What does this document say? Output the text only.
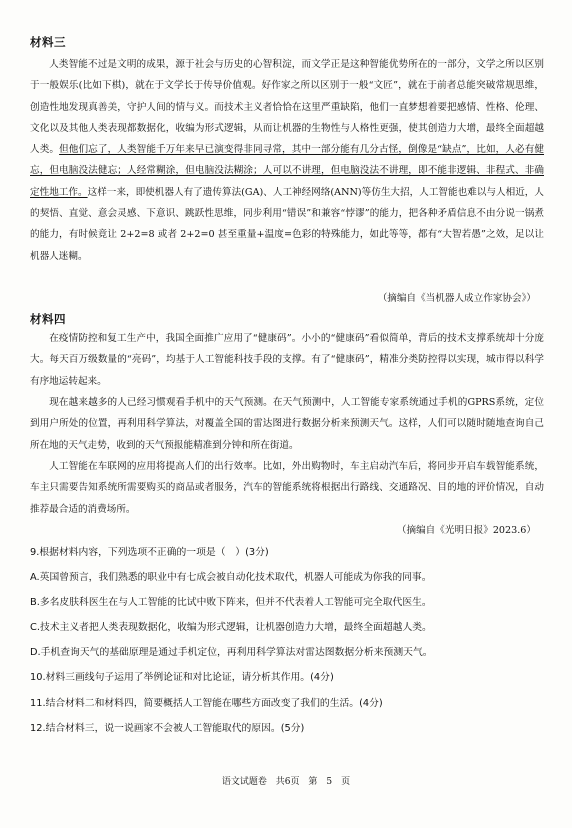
材料三
人类智能不过是文明的成果，源于社会与历史的心智积淀，而文学正是这种智能优势所在的一部分，文学之所以区别于一般娱乐(比如下棋)，就在于文学长于传导价值观。好作家之所以区别于一般“文匠”，就在于前者总能突破常规思维，创造性地发现真善美，守护人间的情与义。而技术主义者恰恰在这里严重缺陷，他们一直梦想着要把感情、性格、伦理、文化以及其他人类表现都数据化，收编为形式逻辑，从而让机器的生物性与人格性更强，使其创造力大增，最终全面超越人类。但他们忘了，人类智能千万年来早已演变得非同寻常，其中一部分能有几分古怪，倒像是“缺点”，比如，人必有健忘，但电脑没法健忘；人经常糊涂，但电脑没法糊涂；人可以不讲理，但电脑没法不讲理，即不能非逻辑、非程式、非确定性地工作。这样一来，即使机器人有了遗传算法(GA)、人工神经网络(ANN)等仿生大招，人工智能也难以与人相近，人的契悟、直觉、意会灵感、下意识、跳跃性思维，同步利用“错误”和兼容“悖谬”的能力，把各种矛盾信息不由分说一锅煮的能力，有时候竟让 2+2=8 或者 2+2=0 甚至重量+温度=色彩的特殊能力，如此等等，都有“大智若愚”之效，足以让机器人迷糊。
（摘编自《当机器人成立作家协会》）
材料四
在疫情防控和复工生产中，我国全面推广应用了“健康码”。小小的“健康码”看似简单，背后的技术支撑系统却十分庞大。每天百万级数量的“亮码”，均基于人工智能科技手段的支撑。有了“健康码”，精准分类防控得以实现，城市得以科学有序地运转起来。
现在越来越多的人已经习惯观看手机中的天气预测。在天气预测中，人工智能专家系统通过手机的GPRS系统，定位到用户所处的位置，再利用科学算法，对覆盖全国的雷达图进行数据分析来预测天气。这样，人们可以随时随地查询自己所在地的天气走势，收到的天气预报能精准到分钟和所在街道。
人工智能在车联网的应用将提高人们的出行效率。比如，外出购物时，车主启动汽车后，将同步开启车载智能系统，车主只需要告知系统所需要购买的商品或者服务，汽车的智能系统将根据出行路线、交通路况、目的地的评价情况，自动推荐最合适的消费场所。
（摘编自《光明日报》2023.6）
9.根据材料内容，下列选项不正确的一项是（　）(3分)
A.英国曾预言，我们熟悉的职业中有七成会被自动化技术取代，机器人可能成为你我的同事。
B.多名皮肤科医生在与人工智能的比试中败下阵来，但并不代表着人工智能可完全取代医生。
C.技术主义者把人类表现数据化，收编为形式逻辑，让机器创造力大增，最终全面超越人类。
D.手机查询天气的基础原理是通过手机定位，再利用科学算法对雷达图数据分析来预测天气。
10.材料三画线句子运用了举例论证和对比论证，请分析其作用。(4分)
11.结合材料二和材料四，简要概括人工智能在哪些方面改变了我们的生活。(4分)
12.结合材料三，说一说画家不会被人工智能取代的原因。(5分)
语文试题卷 共6页 第　5　页
